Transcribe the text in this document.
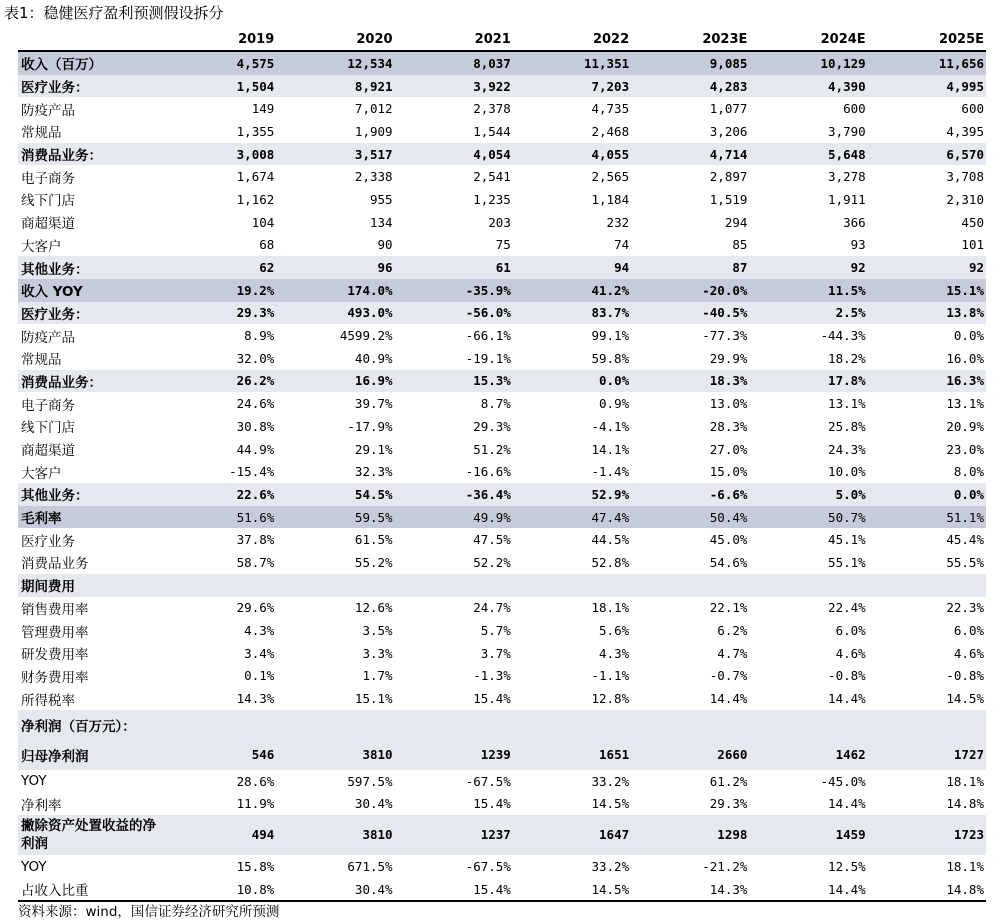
表1：稳健医疗盈利预测假设拆分
	2019	2020	2021	2022	2023E	2024E	2025E
收入（百万）	4,575	12,534	8,037	11,351	9,085	10,129	11,656
医疗业务：	1,504	8,921	3,922	7,203	4,283	4,390	4,995
防疫产品	149	7,012	2,378	4,735	1,077	600	600
常规品	1,355	1,909	1,544	2,468	3,206	3,790	4,395
消费品业务：	3,008	3,517	4,054	4,055	4,714	5,648	6,570
电子商务	1,674	2,338	2,541	2,565	2,897	3,278	3,708
线下门店	1,162	955	1,235	1,184	1,519	1,911	2,310
商超渠道	104	134	203	232	294	366	450
大客户	68	90	75	74	85	93	101
其他业务：	62	96	61	94	87	92	92
收入 YOY	19.2%	174.0%	-35.9%	41.2%	-20.0%	11.5%	15.1%
医疗业务：	29.3%	493.0%	-56.0%	83.7%	-40.5%	2.5%	13.8%
防疫产品	8.9%	4599.2%	-66.1%	99.1%	-77.3%	-44.3%	0.0%
常规品	32.0%	40.9%	-19.1%	59.8%	29.9%	18.2%	16.0%
消费品业务：	26.2%	16.9%	15.3%	0.0%	18.3%	17.8%	16.3%
电子商务	24.6%	39.7%	8.7%	0.9%	13.0%	13.1%	13.1%
线下门店	30.8%	-17.9%	29.3%	-4.1%	28.3%	25.8%	20.9%
商超渠道	44.9%	29.1%	51.2%	14.1%	27.0%	24.3%	23.0%
大客户	-15.4%	32.3%	-16.6%	-1.4%	15.0%	10.0%	8.0%
其他业务：	22.6%	54.5%	-36.4%	52.9%	-6.6%	5.0%	0.0%
毛利率	51.6%	59.5%	49.9%	47.4%	50.4%	50.7%	51.1%
医疗业务	37.8%	61.5%	47.5%	44.5%	45.0%	45.1%	45.4%
消费品业务	58.7%	55.2%	52.2%	52.8%	54.6%	55.1%	55.5%
期间费用							
销售费用率	29.6%	12.6%	24.7%	18.1%	22.1%	22.4%	22.3%
管理费用率	4.3%	3.5%	5.7%	5.6%	6.2%	6.0%	6.0%
研发费用率	3.4%	3.3%	3.7%	4.3%	4.7%	4.6%	4.6%
财务费用率	0.1%	1.7%	-1.3%	-1.1%	-0.7%	-0.8%	-0.8%
所得税率	14.3%	15.1%	15.4%	12.8%	14.4%	14.4%	14.5%
净利润（百万元）：							
归母净利润	546	3810	1239	1651	2660	1462	1727
YOY	28.6%	597.5%	-67.5%	33.2%	61.2%	-45.0%	18.1%
净利率	11.9%	30.4%	15.4%	14.5%	29.3%	14.4%	14.8%
撇除资产处置收益的净利润	494	3810	1237	1647	1298	1459	1723
YOY	15.8%	671.5%	-67.5%	33.2%	-21.2%	12.5%	18.1%
占收入比重	10.8%	30.4%	15.4%	14.5%	14.3%	14.4%	14.8%
资料来源：wind，国信证券经济研究所预测
